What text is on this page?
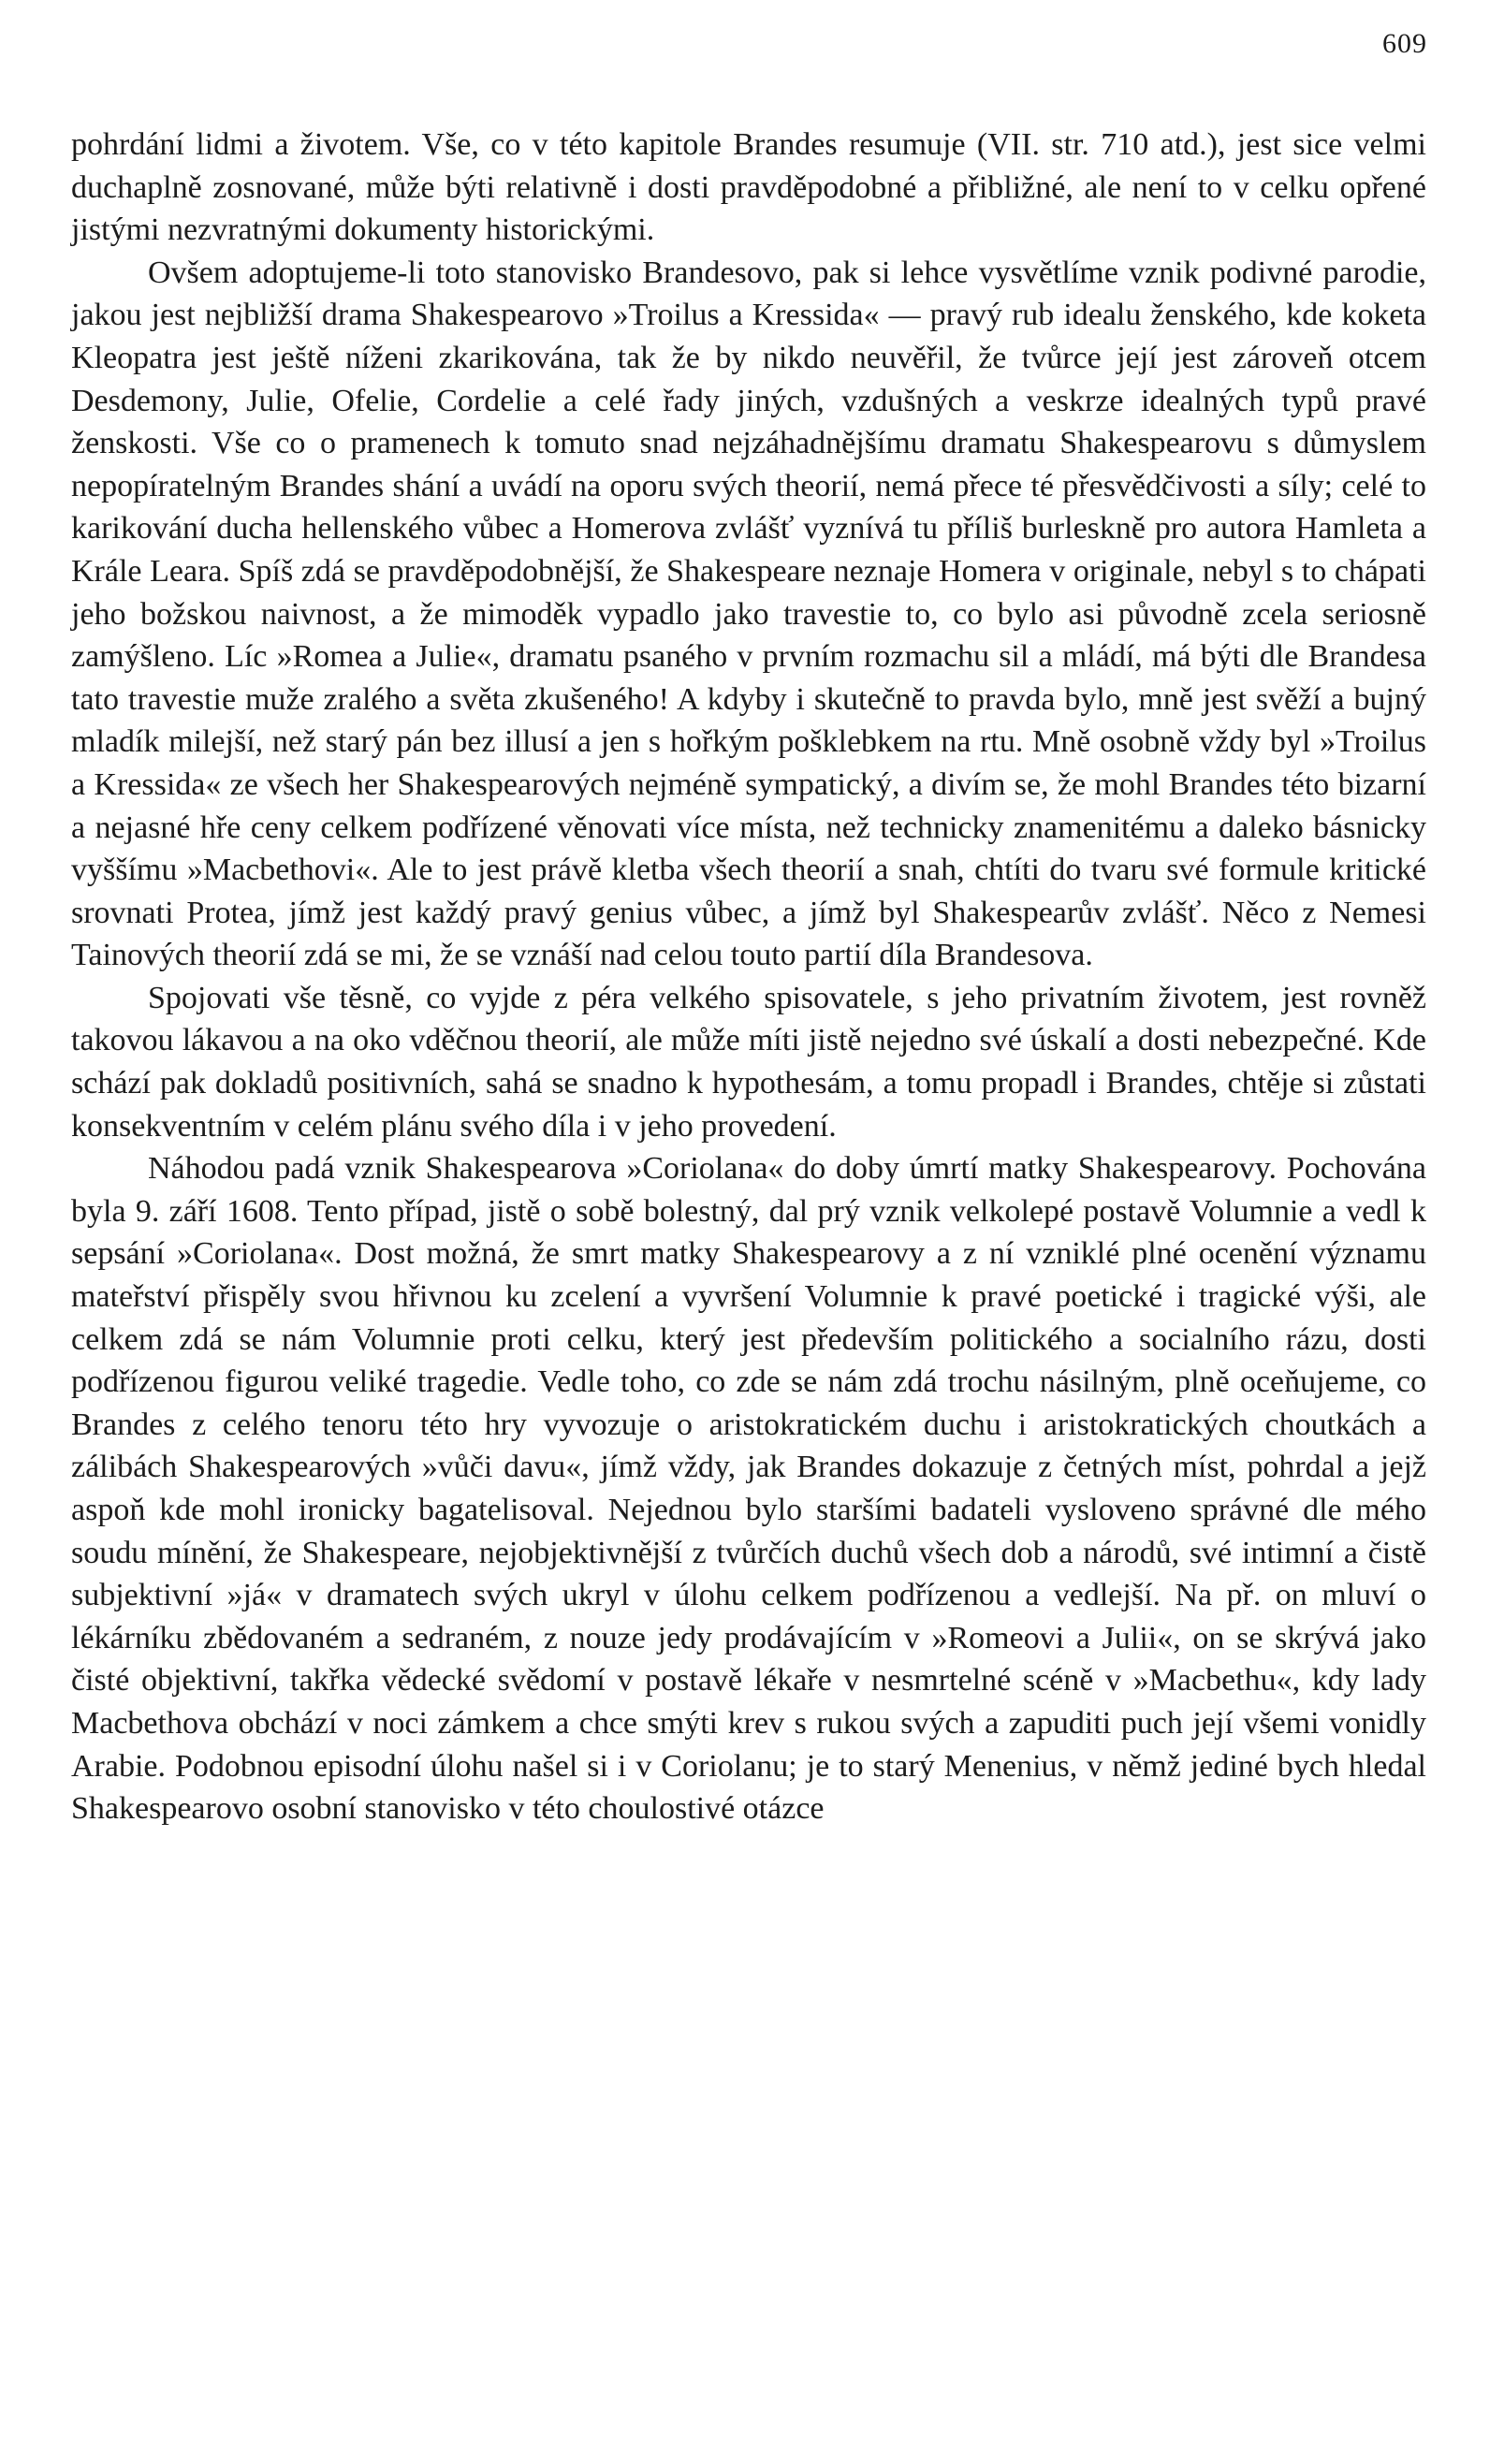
609

pohrdání lidmi a životem. Vše, co v této kapitole Brandes resumuje (VII. str. 710 atd.), jest sice velmi duchaplně zosnované, může býti relativně i dosti pravděpodobné a přibližné, ale není to v celku opřené jistými nezvratnými dokumenty historickými.

Ovšem adoptujeme-li toto stanovisko Brandesovo, pak si lehce vysvětlíme vznik podivné parodie, jakou jest nejbližší drama Shakespearovo »Troilus a Kressida« — pravý rub idealu ženského, kde koketa Kleopatra jest ještě níženi zkarikována, tak že by nikdo neuvěřil, že tvůrce její jest zároveň otcem Desdemony, Julie, Ofelie, Cordelie a celé řady jiných, vzdušných a veskrze idealných typů pravé ženskosti. Vše co o pramenech k tomuto snad nejzáhadnějšímu dramatu Shakespearovu s důmyslem nepopíratelným Brandes shání a uvádí na oporu svých theorií, nemá přece té přesvědčivosti a síly; celé to karikování ducha hellenského vůbec a Homerova zvlášť vyznívá tu příliš burleskně pro autora Hamleta a Krále Leara. Spíš zdá se pravděpodobnější, že Shakespeare neznaje Homera v originale, nebyl s to chápati jeho božskou naivnost, a že mimoděk vypadlo jako travestie to, co bylo asi původně zcela seriosně zamýšleno. Líc »Romea a Julie«, dramatu psaného v prvním rozmachu sil a mládí, má býti dle Brandesa tato travestie muže zralého a světa zkušeného! A kdyby i skutečně to pravda bylo, mně jest svěží a bujný mladík milejší, než starý pán bez illusí a jen s hořkým pošklebkem na rtu. Mně osobně vždy byl »Troilus a Kressida« ze všech her Shakespearových nejméně sympatický, a divím se, že mohl Brandes této bizarní a nejasné hře ceny celkem podřízené věnovati více místa, než technicky znamenitému a daleko básnicky vyššímu »Macbethovi«. Ale to jest právě kletba všech theorií a snah, chtíti do tvaru své formule kritické srovnati Protea, jímž jest každý pravý genius vůbec, a jímž byl Shakespearův zvlášť. Něco z Nemesi Tainových theorií zdá se mi, že se vznáší nad celou touto partií díla Brandesova.

Spojovati vše těsně, co vyjde z péra velkého spisovatele, s jeho privatním životem, jest rovněž takovou lákavou a na oko vděčnou theorií, ale může míti jistě nejedno své úskalí a dosti nebezpečné. Kde schází pak dokladů positivních, sahá se snadno k hypothesám, a tomu propadl i Brandes, chtěje si zůstati konsekventním v celém plánu svého díla i v jeho provedení.

Náhodou padá vznik Shakespearova »Coriolana« do doby úmrtí matky Shakespearovy. Pochována byla 9. září 1608. Tento případ, jistě o sobě bolestný, dal prý vznik velkolepé postavě Volumnie a vedl k sepsání »Coriolana«. Dost možná, že smrt matky Shakespearovy a z ní vzniklé plné ocenění významu mateřství přispěly svou hřivnou ku zcelení a vyvršení Volumnie k pravé poetické i tragické výši, ale celkem zdá se nám Volumnie proti celku, který jest především politického a socialního rázu, dosti podřízenou figurou veliké tragedie. Vedle toho, co zde se nám zdá trochu násilným, plně oceňujeme, co Brandes z celého tenoru této hry vyvozuje o aristokratickém duchu i aristokratických choutkách a zálibách Shakespearových »vůči davu«, jímž vždy, jak Brandes dokazuje z četných míst, pohrdal a jejž aspoň kde mohl ironicky bagatelisoval. Nejednou bylo staršími badateli vysloveno správné dle mého soudu mínění, že Shakespeare, nejobjektivnější z tvůrčích duchů všech dob a národů, své intimní a čistě subjektivní »já« v dramatech svých ukryl v úlohu celkem podřízenou a vedlejší. Na př. on mluví o lékárníku zbědovaném a sedraném, z nouze jedy prodávajícím v »Romeovi a Julii«, on se skrývá jako čisté objektivní, takřka vědecké svědomí v postavě lékaře v nesmrtelné scéně v »Macbethu«, kdy lady Macbethova obchází v noci zámkem a chce smýti krev s rukou svých a zapuditi puch její všemi vonidly Arabie. Podobnou episodní úlohu našel si i v Coriolanu; je to starý Menenius, v němž jediné bych hledal Shakespearovo osobní stanovisko v této choulostivé otázce
